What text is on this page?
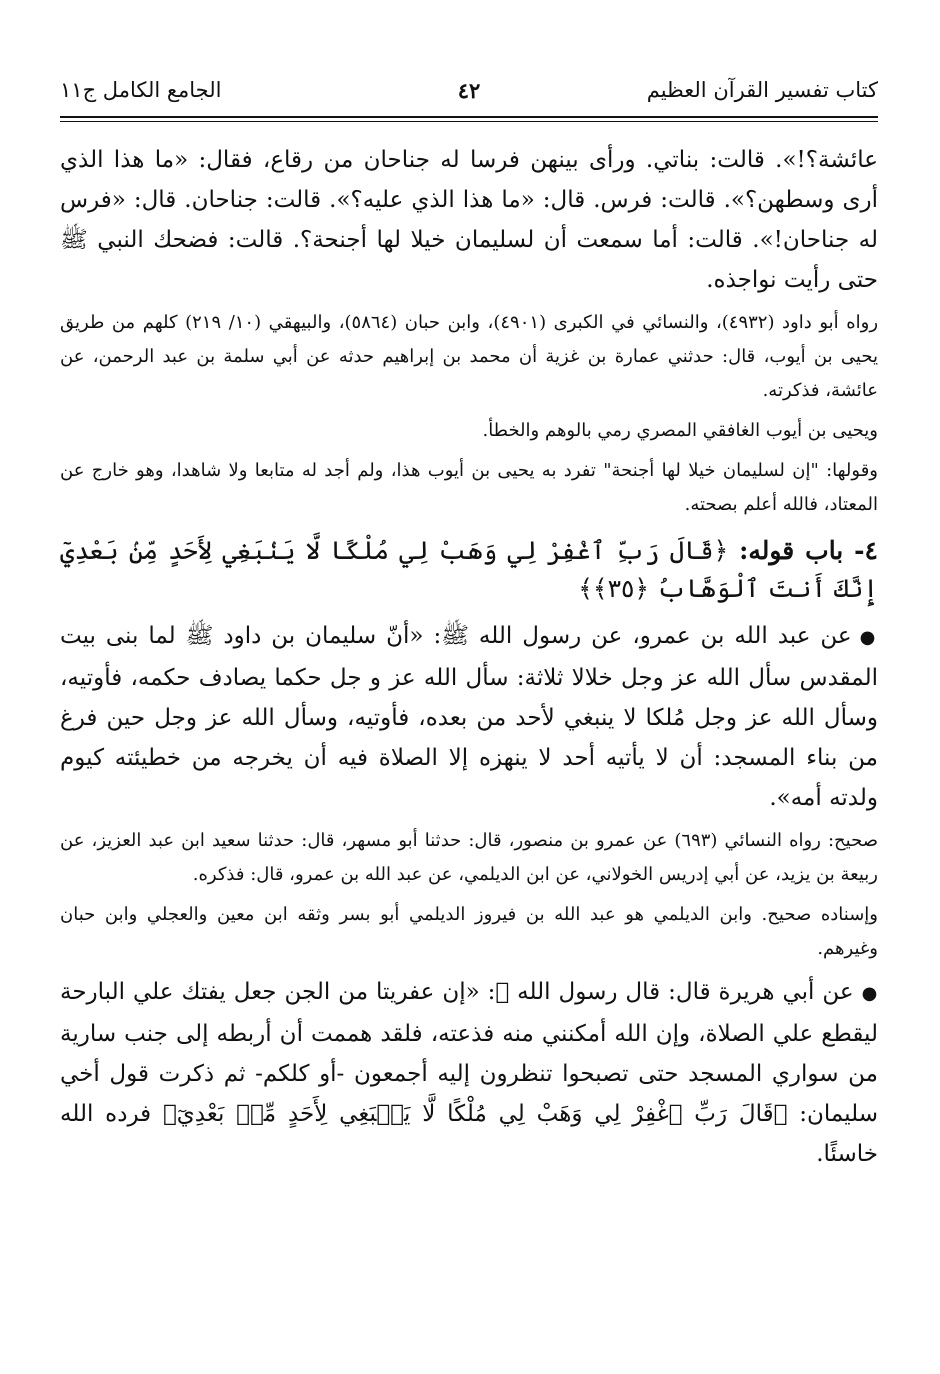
كتاب تفسير القرآن العظيم
٤٢
الجامع الكامل ج١١

عائشة؟!». قالت: بناتي. ورأى بينهن فرسا له جناحان من رقاع، فقال: «ما هذا الذي أرى وسطهن؟». قالت: فرس. قال: «ما هذا الذي عليه؟». قالت: جناحان. قال: «فرس له جناحان!». قالت: أما سمعت أن لسليمان خيلا لها أجنحة؟. قالت: فضحك النبي ﷺ حتى رأيت نواجذه.

رواه أبو داود (٤٩٣٢)، والنسائي في الكبرى (٤٩٠١)، وابن حبان (٥٨٦٤)، والبيهقي (١٠/ ٢١٩) كلهم من طريق يحيى بن أيوب، قال: حدثني عمارة بن غزية أن محمد بن إبراهيم حدثه عن أبي سلمة بن عبد الرحمن، عن عائشة، فذكرته.

ويحيى بن أيوب الغافقي المصري رمي بالوهم والخطأ.

وقولها: "إن لسليمان خيلا لها أجنحة" تفرد به يحيى بن أيوب هذا، ولم أجد له متابعا ولا شاهدا، وهو خارج عن المعتاد، فالله أعلم بصحته.

٤- باب قوله: ﴿قَالَ رَبِّ ٱغْفِرْ لِي وَهَبْ لِي مُلْكًا لَّا يَنۢبَغِي لِأَحَدٍ مِّنۢ بَعْدِيٓ إِنَّكَ أَنتَ ٱلْوَهَّابُ ﴿٣٥﴾﴾

●عن عبد الله بن عمرو، عن رسول الله ﷺ: «أنّ سليمان بن داود ﷺ لما بنى بيت المقدس سأل الله عز وجل خلالا ثلاثة: سأل الله عز و جل حكما يصادف حكمه، فأوتيه، وسأل الله عز وجل مُلكا لا ينبغي لأحد من بعده، فأوتيه، وسأل الله عز وجل حين فرغ من بناء المسجد: أن لا يأتيه أحد لا ينهزه إلا الصلاة فيه أن يخرجه من خطيئته كيوم ولدته أمه».

صحيح: رواه النسائي (٦٩٣) عن عمرو بن منصور، قال: حدثنا أبو مسهر، قال: حدثنا سعيد ابن عبد العزيز، عن ربيعة بن يزيد، عن أبي إدريس الخولاني، عن ابن الديلمي، عن عبد الله بن عمرو، قال: فذكره.

وإسناده صحيح. وابن الديلمي هو عبد الله بن فيروز الديلمي أبو بسر وثقه ابن معين والعجلي وابن حبان وغيرهم.

●عن أبي هريرة قال: قال رسول الله ﷺ: «إن عفريتا من الجن جعل يفتك علي البارحة ليقطع علي الصلاة، وإن الله أمكنني منه فذعته، فلقد هممت أن أربطه إلى جنب سارية من سواري المسجد حتى تصبحوا تنظرون إليه أجمعون -أو كلكم- ثم ذكرت قول أخي سليمان: ﴿قَالَ رَبِّ ٱغْفِرْ لِي وَهَبْ لِي مُلْكًا لَّا يَنۢبَغِي لِأَحَدٍ مِّنۢ بَعْدِيٓ﴾ فرده الله خاسئًا.
